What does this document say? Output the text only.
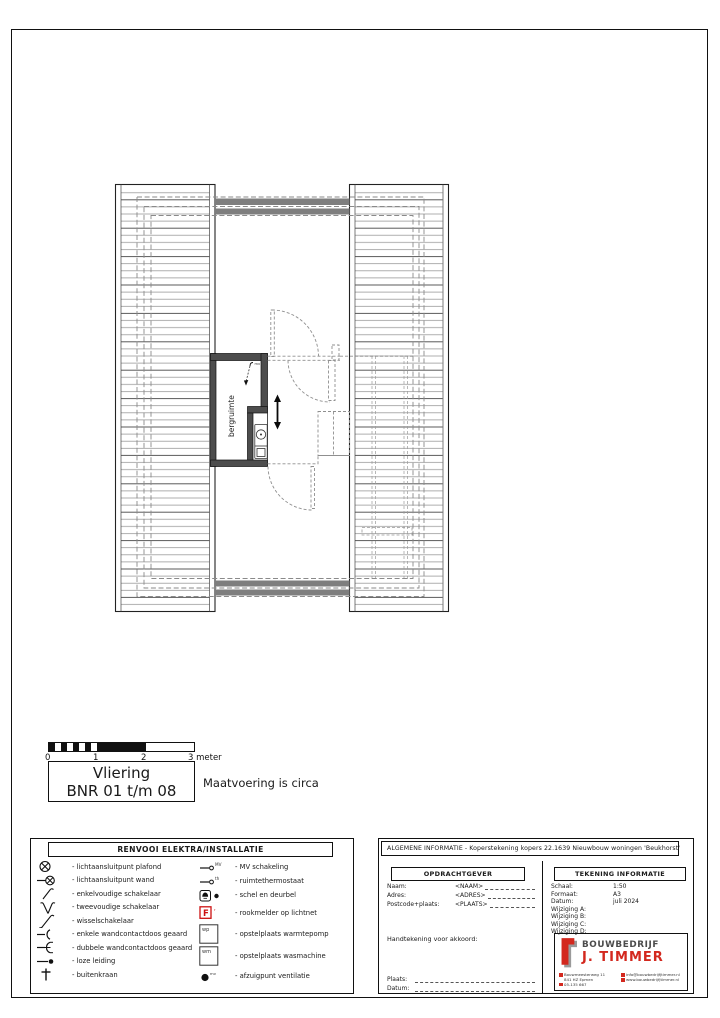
bergruimte
mv
0	1	2	3 meter
Vliering
BNR 01 t/m 08	Maatvoering is circa
RENVOOI ELEKTRA/INSTALLATIE
- lichtaansluitpunt plafond
- lichtaansluitpunt wand
- enkelvoudige schakelaar
- tweevoudige schakelaar
- wisselschakelaar
- enkele wandcontactdoos geaard
- dubbele wandcontactdoos geaard
- loze leiding
- buitenkraan
MV - MV schakeling
th - ruimtethermostaat
- schel en deurbel
F r	- rookmelder op lichtnet
wp	- opstelplaats warmtepomp
wm	- opstelplaats wasmachine
mv	- afzuigpunt ventilatie
ALGEMENE INFORMATIE - Koperstekening kopers 22.1639 Nieuwbouw woningen 'Beukhorst'
OPDRACHTGEVER
Naam:	<NAAM>
Adres:	<ADRES>
Postcode+plaats:	<PLAATS>
Handtekening voor akkoord:
Plaats:
Datum:
TEKENING INFORMATIE
Schaal:	1:50
Formaat:	A3
Datum:	juli 2024
Wijziging A:
Wijziging B:
Wijziging C:
Wijziging D:
BOUWBEDRIJF
J. TIMMER
Bouwmeesterweg 11
841 HZ Epmen
05-135 667
info@bouwbedrijfjtimmer.nl
www.bouwbedrijfjtimmer.nl
